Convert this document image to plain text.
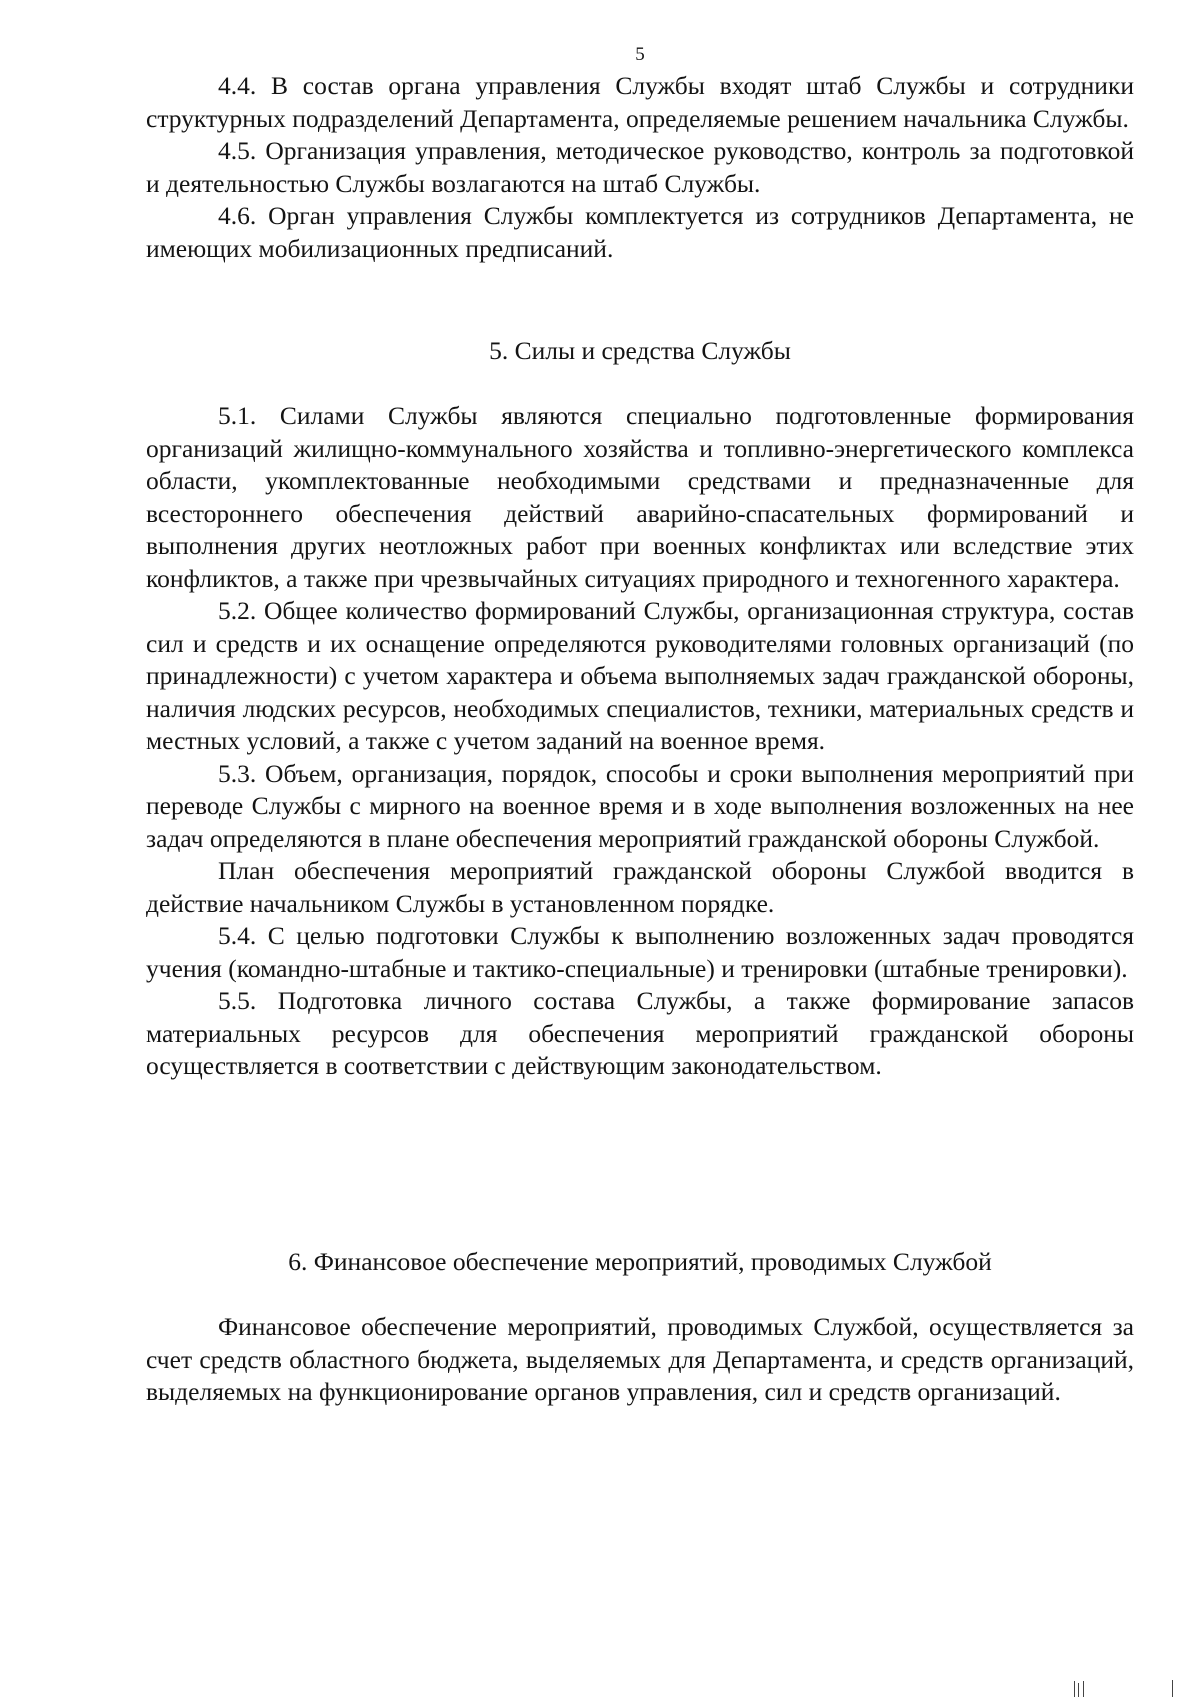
5

4.4. В состав органа управления Службы входят штаб Службы и сотрудники структурных подразделений Департамента, определяемые решением начальника Службы.

4.5. Организация управления, методическое руководство, контроль за подготовкой и деятельностью Службы возлагаются на штаб Службы.

4.6. Орган управления Службы комплектуется из сотрудников Департамента, не имеющих мобилизационных предписаний.

5. Силы и средства Службы

5.1. Силами Службы являются специально подготовленные формирования организаций жилищно-коммунального хозяйства и топливно-энергетического комплекса области, укомплектованные необходимыми средствами и предназначенные для всестороннего обеспечения действий аварийно-спасательных формирований и выполнения других неотложных работ при военных конфликтах или вследствие этих конфликтов, а также при чрезвычайных ситуациях природного и техногенного характера.

5.2. Общее количество формирований Службы, организационная структура, состав сил и средств и их оснащение определяются руководителями головных организаций (по принадлежности) с учетом характера и объема выполняемых задач гражданской обороны, наличия людских ресурсов, необходимых специалистов, техники, материальных средств и местных условий, а также с учетом заданий на военное время.

5.3. Объем, организация, порядок, способы и сроки выполнения мероприятий при переводе Службы с мирного на военное время и в ходе выполнения возложенных на нее задач определяются в плане обеспечения мероприятий гражданской обороны Службой.

План обеспечения мероприятий гражданской обороны Службой вводится в действие начальником Службы в установленном порядке.

5.4. С целью подготовки Службы к выполнению возложенных задач проводятся учения (командно-штабные и тактико-специальные) и тренировки (штабные тренировки).

5.5. Подготовка личного состава Службы, а также формирование запасов материальных ресурсов для обеспечения мероприятий гражданской обороны осуществляется в соответствии с действующим законодательством.

6. Финансовое обеспечение мероприятий, проводимых Службой

Финансовое обеспечение мероприятий, проводимых Службой, осуществляется за счет средств областного бюджета, выделяемых для Департамента, и средств организаций, выделяемых на функционирование органов управления, сил и средств организаций.
